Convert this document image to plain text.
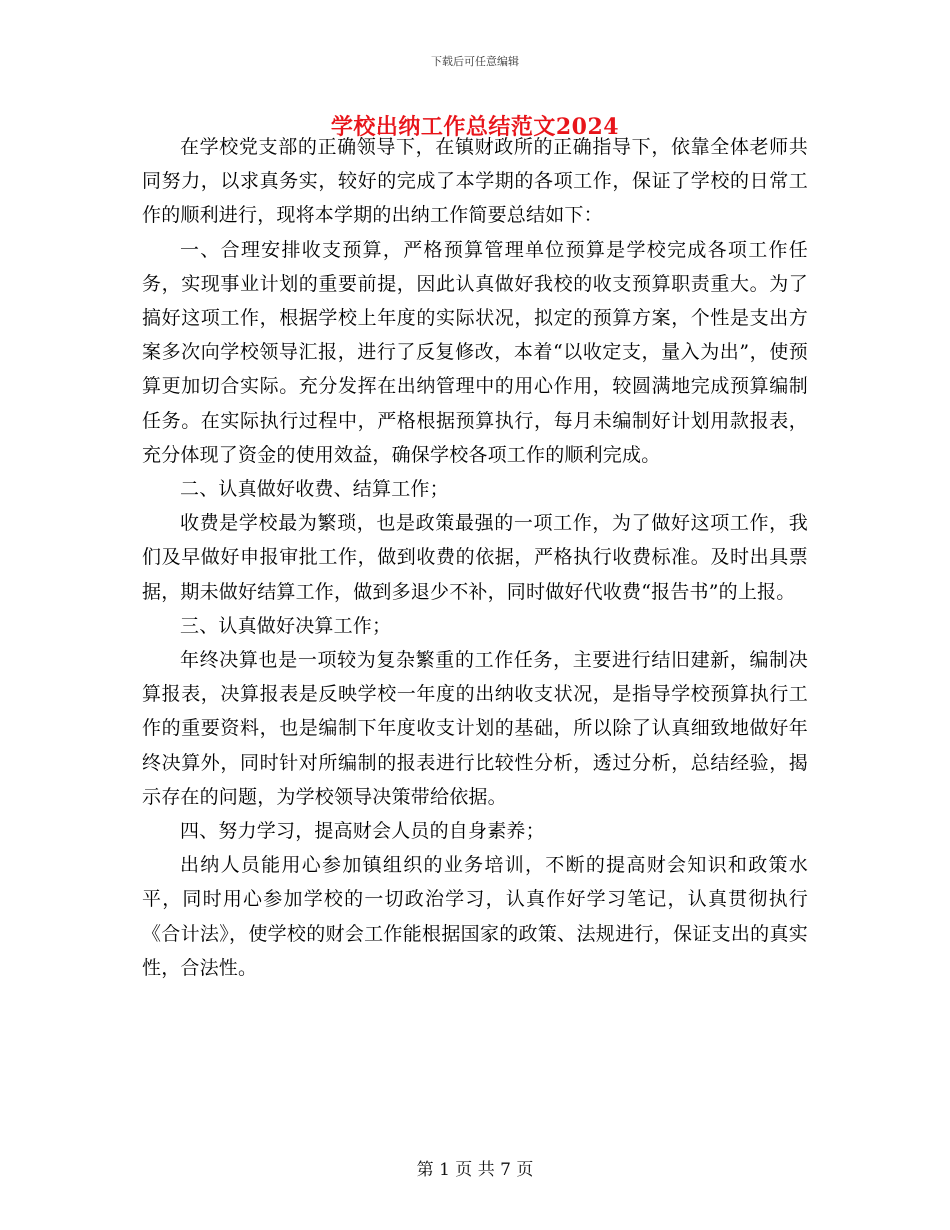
下载后可任意编辑
学校出纳工作总结范文2024

在学校党支部的正确领导下，在镇财政所的正确指导下，依靠全体老师共同努力，以求真务实，较好的完成了本学期的各项工作，保证了学校的日常工作的顺利进行，现将本学期的出纳工作简要总结如下：

一、合理安排收支预算，严格预算管理单位预算是学校完成各项工作任务，实现事业计划的重要前提，因此认真做好我校的收支预算职责重大。为了搞好这项工作，根据学校上年度的实际状况，拟定的预算方案，个性是支出方案多次向学校领导汇报，进行了反复修改，本着“以收定支，量入为出”，使预算更加切合实际。充分发挥在出纳管理中的用心作用，较圆满地完成预算编制任务。在实际执行过程中，严格根据预算执行，每月未编制好计划用款报表，充分体现了资金的使用效益，确保学校各项工作的顺利完成。

二、认真做好收费、结算工作；

收费是学校最为繁琐，也是政策最强的一项工作，为了做好这项工作，我们及早做好申报审批工作，做到收费的依据，严格执行收费标准。及时出具票据，期未做好结算工作，做到多退少不补，同时做好代收费“报告书”的上报。

三、认真做好决算工作；

年终决算也是一项较为复杂繁重的工作任务，主要进行结旧建新，编制决算报表，决算报表是反映学校一年度的出纳收支状况，是指导学校预算执行工作的重要资料，也是编制下年度收支计划的基础，所以除了认真细致地做好年终决算外，同时针对所编制的报表进行比较性分析，透过分析，总结经验，揭示存在的问题，为学校领导决策带给依据。

四、努力学习，提高财会人员的自身素养；

出纳人员能用心参加镇组织的业务培训，不断的提高财会知识和政策水平，同时用心参加学校的一切政治学习，认真作好学习笔记，认真贯彻执行《合计法》，使学校的财会工作能根据国家的政策、法规进行，保证支出的真实性，合法性。

第 1 页 共 7 页
